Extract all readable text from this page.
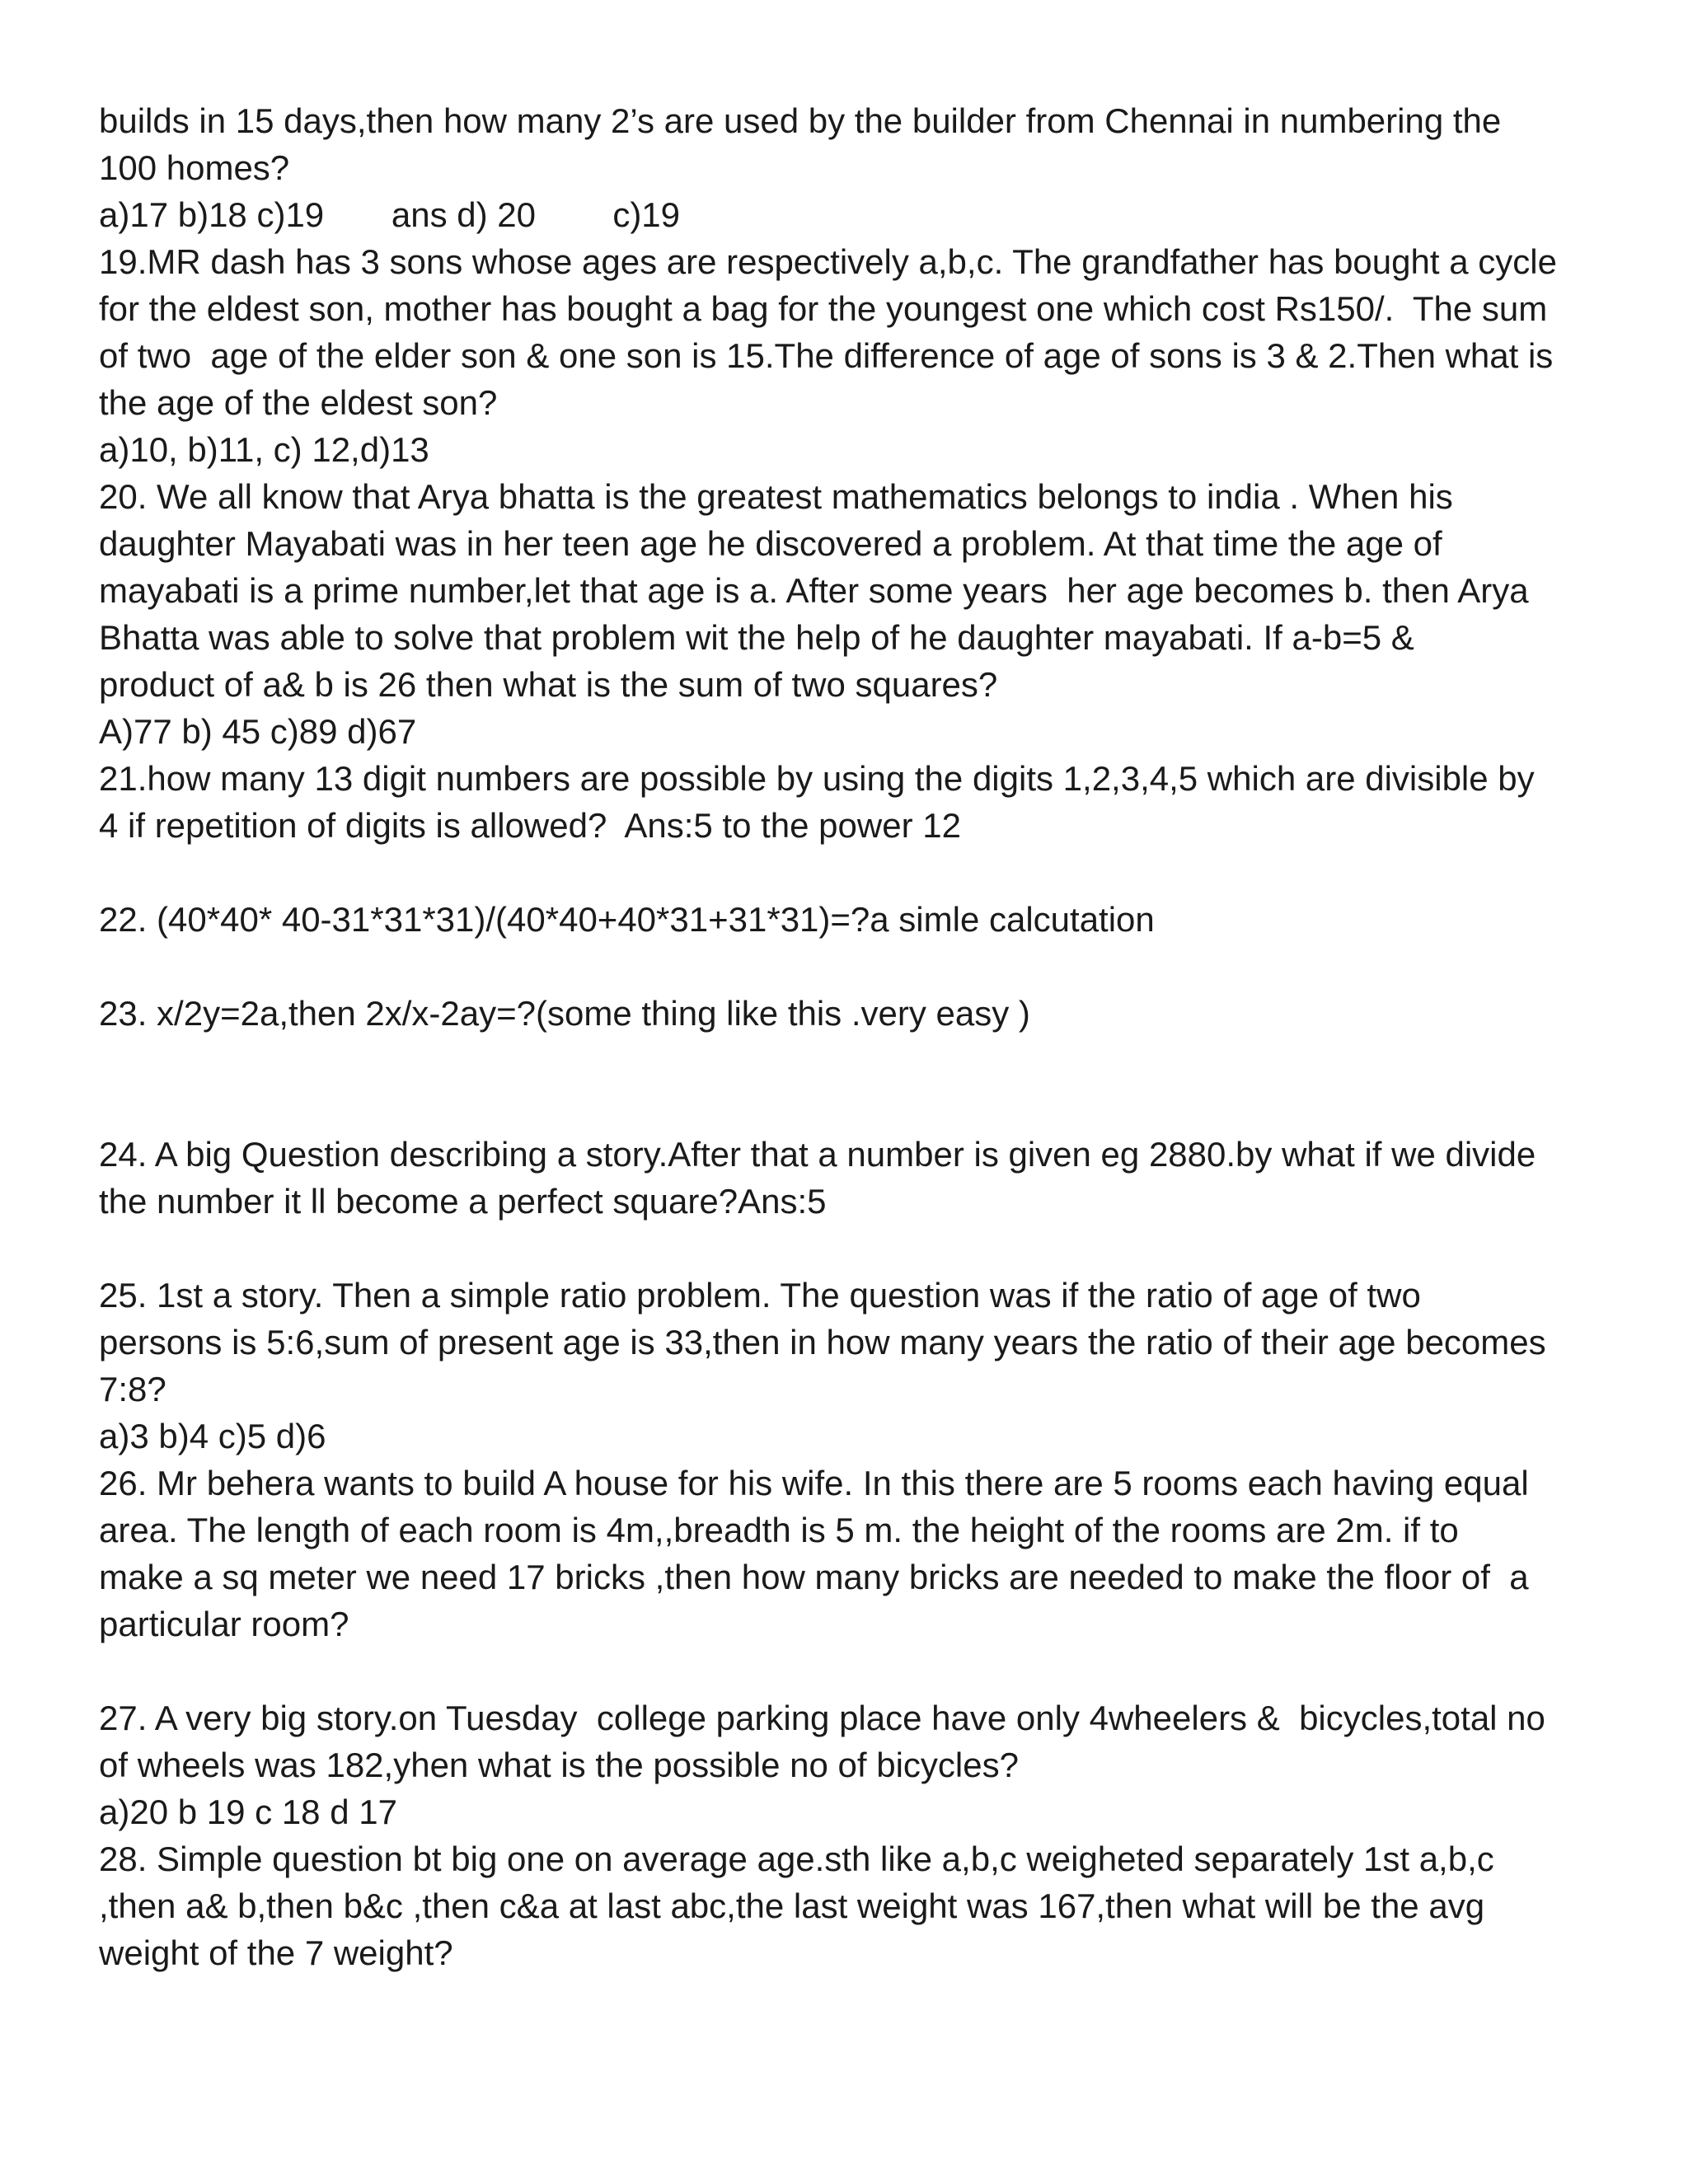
builds in 15 days,then how many 2’s are used by the builder from Chennai in numbering the

100 homes?

a)17 b)18 c)19       ans d) 20        c)19

19.MR dash has 3 sons whose ages are respectively a,b,c. The grandfather has bought a cycle

for the eldest son, mother has bought a bag for the youngest one which cost Rs150/.  The sum

of two  age of the elder son & one son is 15.The difference of age of sons is 3 & 2.Then what is

the age of the eldest son?

a)10, b)11, c) 12,d)13

20. We all know that Arya bhatta is the greatest mathematics belongs to india . When his

daughter Mayabati was in her teen age he discovered a problem. At that time the age of

mayabati is a prime number,let that age is a. After some years  her age becomes b. then Arya

Bhatta was able to solve that problem wit the help of he daughter mayabati. If a-b=5 &

product of a& b is 26 then what is the sum of two squares?

A)77 b) 45 c)89 d)67

21.how many 13 digit numbers are possible by using the digits 1,2,3,4,5 which are divisible by

4 if repetition of digits is allowed?  Ans:5 to the power 12

22. (40*40* 40-31*31*31)/(40*40+40*31+31*31)=?a simle calcutation

23. x/2y=2a,then 2x/x-2ay=?(some thing like this .very easy )

24. A big Question describing a story.After that a number is given eg 2880.by what if we divide

the number it ll become a perfect square?Ans:5

25. 1st a story. Then a simple ratio problem. The question was if the ratio of age of two

persons is 5:6,sum of present age is 33,then in how many years the ratio of their age becomes

7:8?

a)3 b)4 c)5 d)6

26. Mr behera wants to build A house for his wife. In this there are 5 rooms each having equal

area. The length of each room is 4m,,breadth is 5 m. the height of the rooms are 2m. if to

make a sq meter we need 17 bricks ,then how many bricks are needed to make the floor of  a

particular room?

27. A very big story.on Tuesday  college parking place have only 4wheelers &  bicycles,total no

of wheels was 182,yhen what is the possible no of bicycles?

a)20 b 19 c 18 d 17

28. Simple question bt big one on average age.sth like a,b,c weigheted separately 1st a,b,c

,then a& b,then b&c ,then c&a at last abc,the last weight was 167,then what will be the avg

weight of the 7 weight?
